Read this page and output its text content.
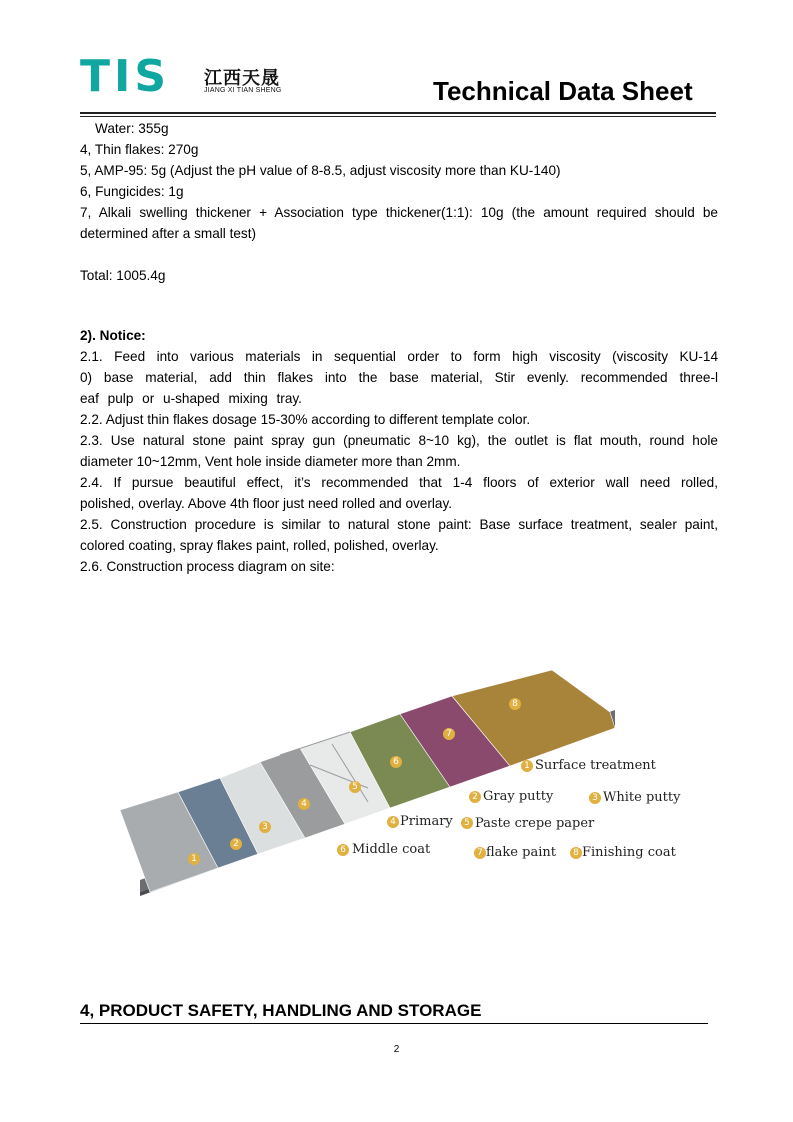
TIS 江西天晟
JIANG XI TIAN SHENG	Technical Data Sheet
Water: 355g
4, Thin flakes: 270g
5, AMP-95: 5g (Adjust the pH value of 8-8.5, adjust viscosity more than KU-140)
6, Fungicides: 1g
7, Alkali swelling thickener + Association type thickener(1:1): 10g (the amount required should be
determined after a small test)
Total: 1005.4g
2). Notice:
2.1. Feed into various materials in sequential order to form high viscosity (viscosity KU-14
0) base material, add thin flakes into the base material, Stir evenly. recommended three-l
eaf pulp or u-shaped mixing tray.
2.2. Adjust thin flakes dosage 15-30% according to different template color.
2.3. Use natural stone paint spray gun (pneumatic 8~10 kg), the outlet is flat mouth, round hole
diameter 10~12mm, Vent hole inside diameter more than 2mm.
2.4. If pursue beautiful effect, it’s recommended that 1-4 floors of exterior wall need rolled,
polished, overlay. Above 4th floor just need rolled and overlay.
2.5. Construction procedure is similar to natural stone paint: Base surface treatment, sealer paint,
colored coating, spray flakes paint, rolled, polished, overlay.
2.6. Construction process diagram on site:
1
2
3
4
5
6
7
8
1 Surface treatment
2 Gray putty	3 White putty
4 Primary	5 Paste crepe paper
6 Middle coat	7 flake paint	8 Finishing coat
4, PRODUCT SAFETY, HANDLING AND STORAGE
2
